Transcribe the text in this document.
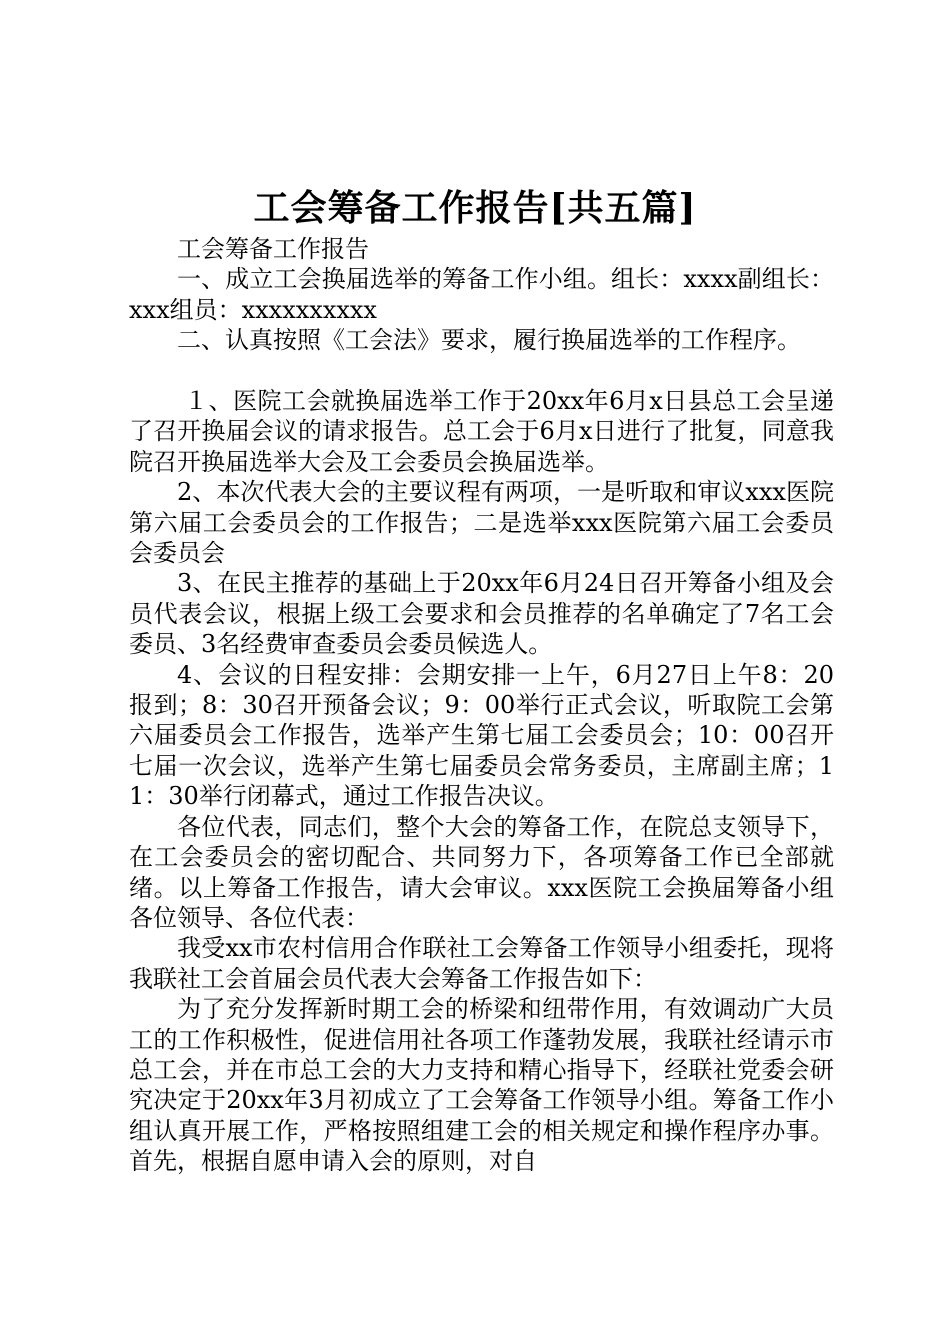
工会筹备工作报告[共五篇]

工会筹备工作报告

一、成立工会换届选举的筹备工作小组。组长：xxxx副组长：xxx组员：xxxxxxxxxx

二、认真按照《工会法》要求，履行换届选举的工作程序。

１、医院工会就换届选举工作于20xx年6月x日县总工会呈递了召开换届会议的请求报告。总工会于6月x日进行了批复，同意我院召开换届选举大会及工会委员会换届选举。

2、本次代表大会的主要议程有两项，一是听取和审议xxx医院第六届工会委员会的工作报告；二是选举xxx医院第六届工会委员会委员会

3、在民主推荐的基础上于20xx年6月24日召开筹备小组及会员代表会议，根据上级工会要求和会员推荐的名单确定了7名工会委员、3名经费审查委员会委员候选人。

4、会议的日程安排：会期安排一上午，6月27日上午8：20报到；8：30召开预备会议；9：00举行正式会议，听取院工会第六届委员会工作报告，选举产生第七届工会委员会；10：00召开七届一次会议，选举产生第七届委员会常务委员，主席副主席；11：30举行闭幕式，通过工作报告决议。

各位代表，同志们，整个大会的筹备工作，在院总支领导下，在工会委员会的密切配合、共同努力下，各项筹备工作已全部就绪。以上筹备工作报告，请大会审议。xxx医院工会换届筹备小组各位领导、各位代表：

我受xx市农村信用合作联社工会筹备工作领导小组委托，现将我联社工会首届会员代表大会筹备工作报告如下：

为了充分发挥新时期工会的桥梁和纽带作用，有效调动广大员工的工作积极性，促进信用社各项工作蓬勃发展，我联社经请示市总工会，并在市总工会的大力支持和精心指导下，经联社党委会研究决定于20xx年3月初成立了工会筹备工作领导小组。筹备工作小组认真开展工作，严格按照组建工会的相关规定和操作程序办事。首先，根据自愿申请入会的原则，对自
